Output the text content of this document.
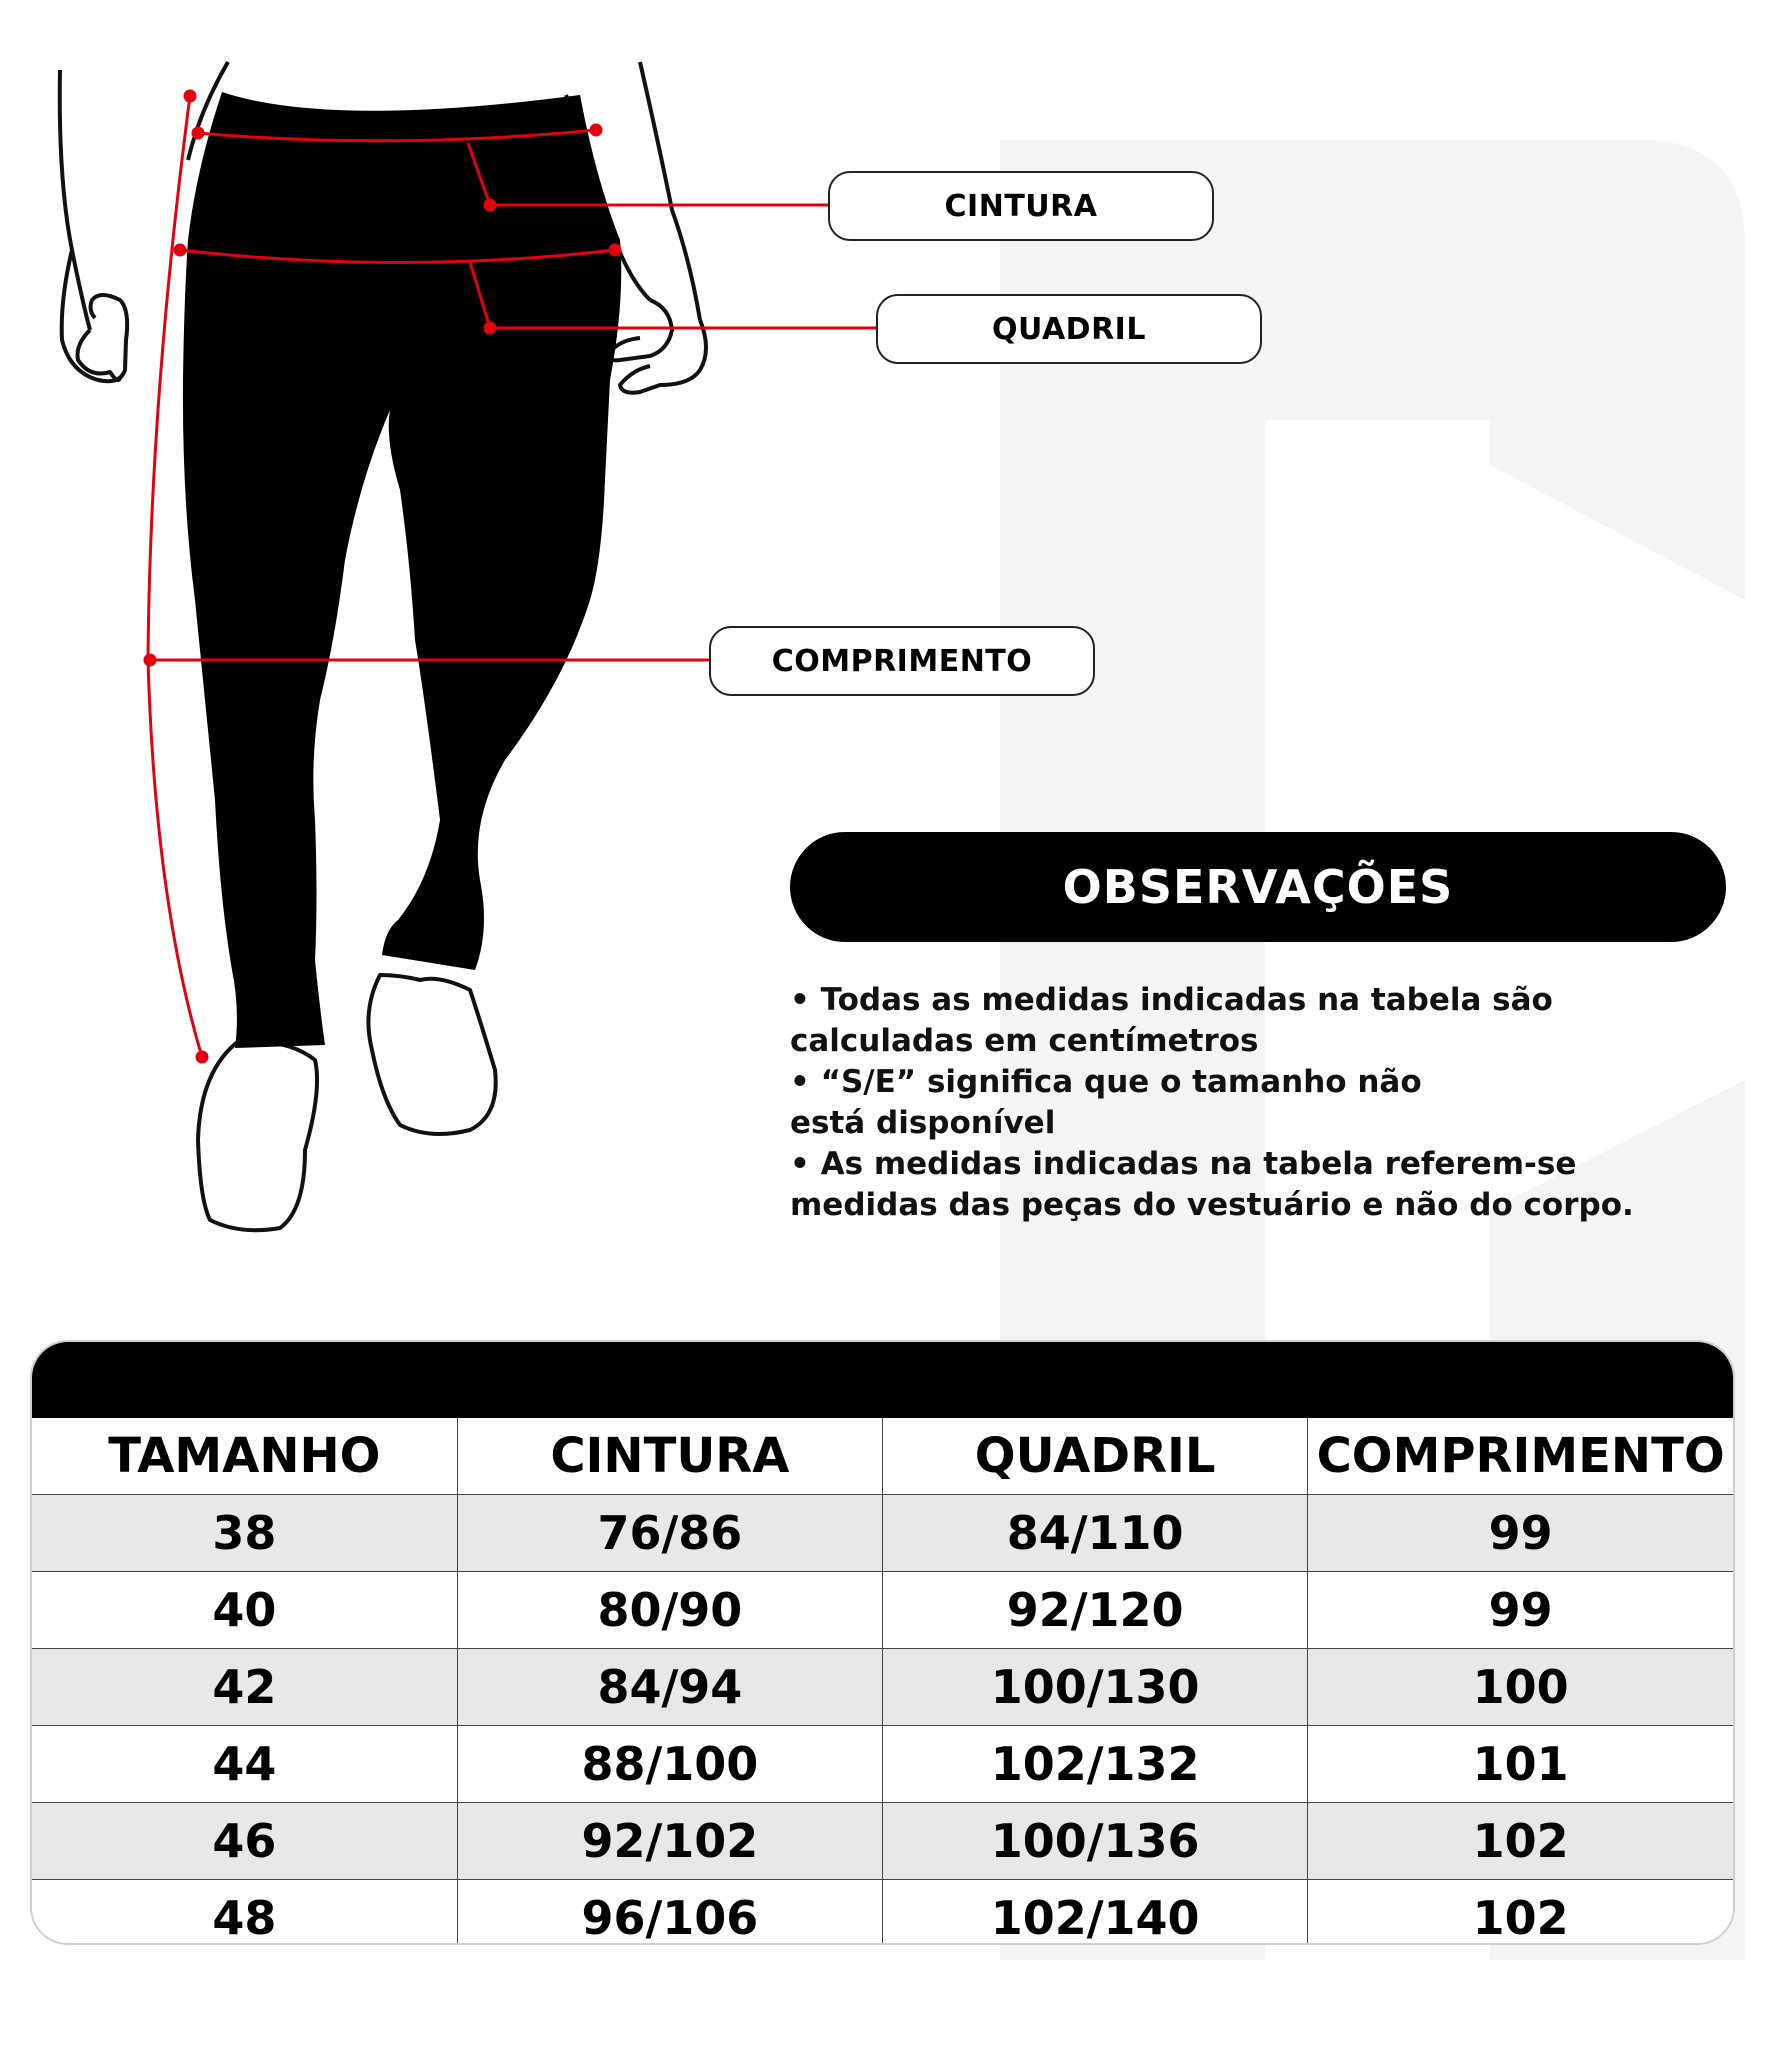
CINTURA
QUADRIL
COMPRIMENTO
OBSERVAÇÕES

• Todas as medidas indicadas na tabela são

calculadas em centímetros

• “S/E” significa que o tamanho não

está disponível

• As medidas indicadas na tabela referem-se

medidas das peças do vestuário e não do corpo.

TAMANHO	CINTURA	QUADRIL	COMPRIMENTO
38	76/86	84/110	99
40	80/90	92/120	99
42	84/94	100/130	100
44	88/100	102/132	101
46	92/102	100/136	102
48	96/106	102/140	102
